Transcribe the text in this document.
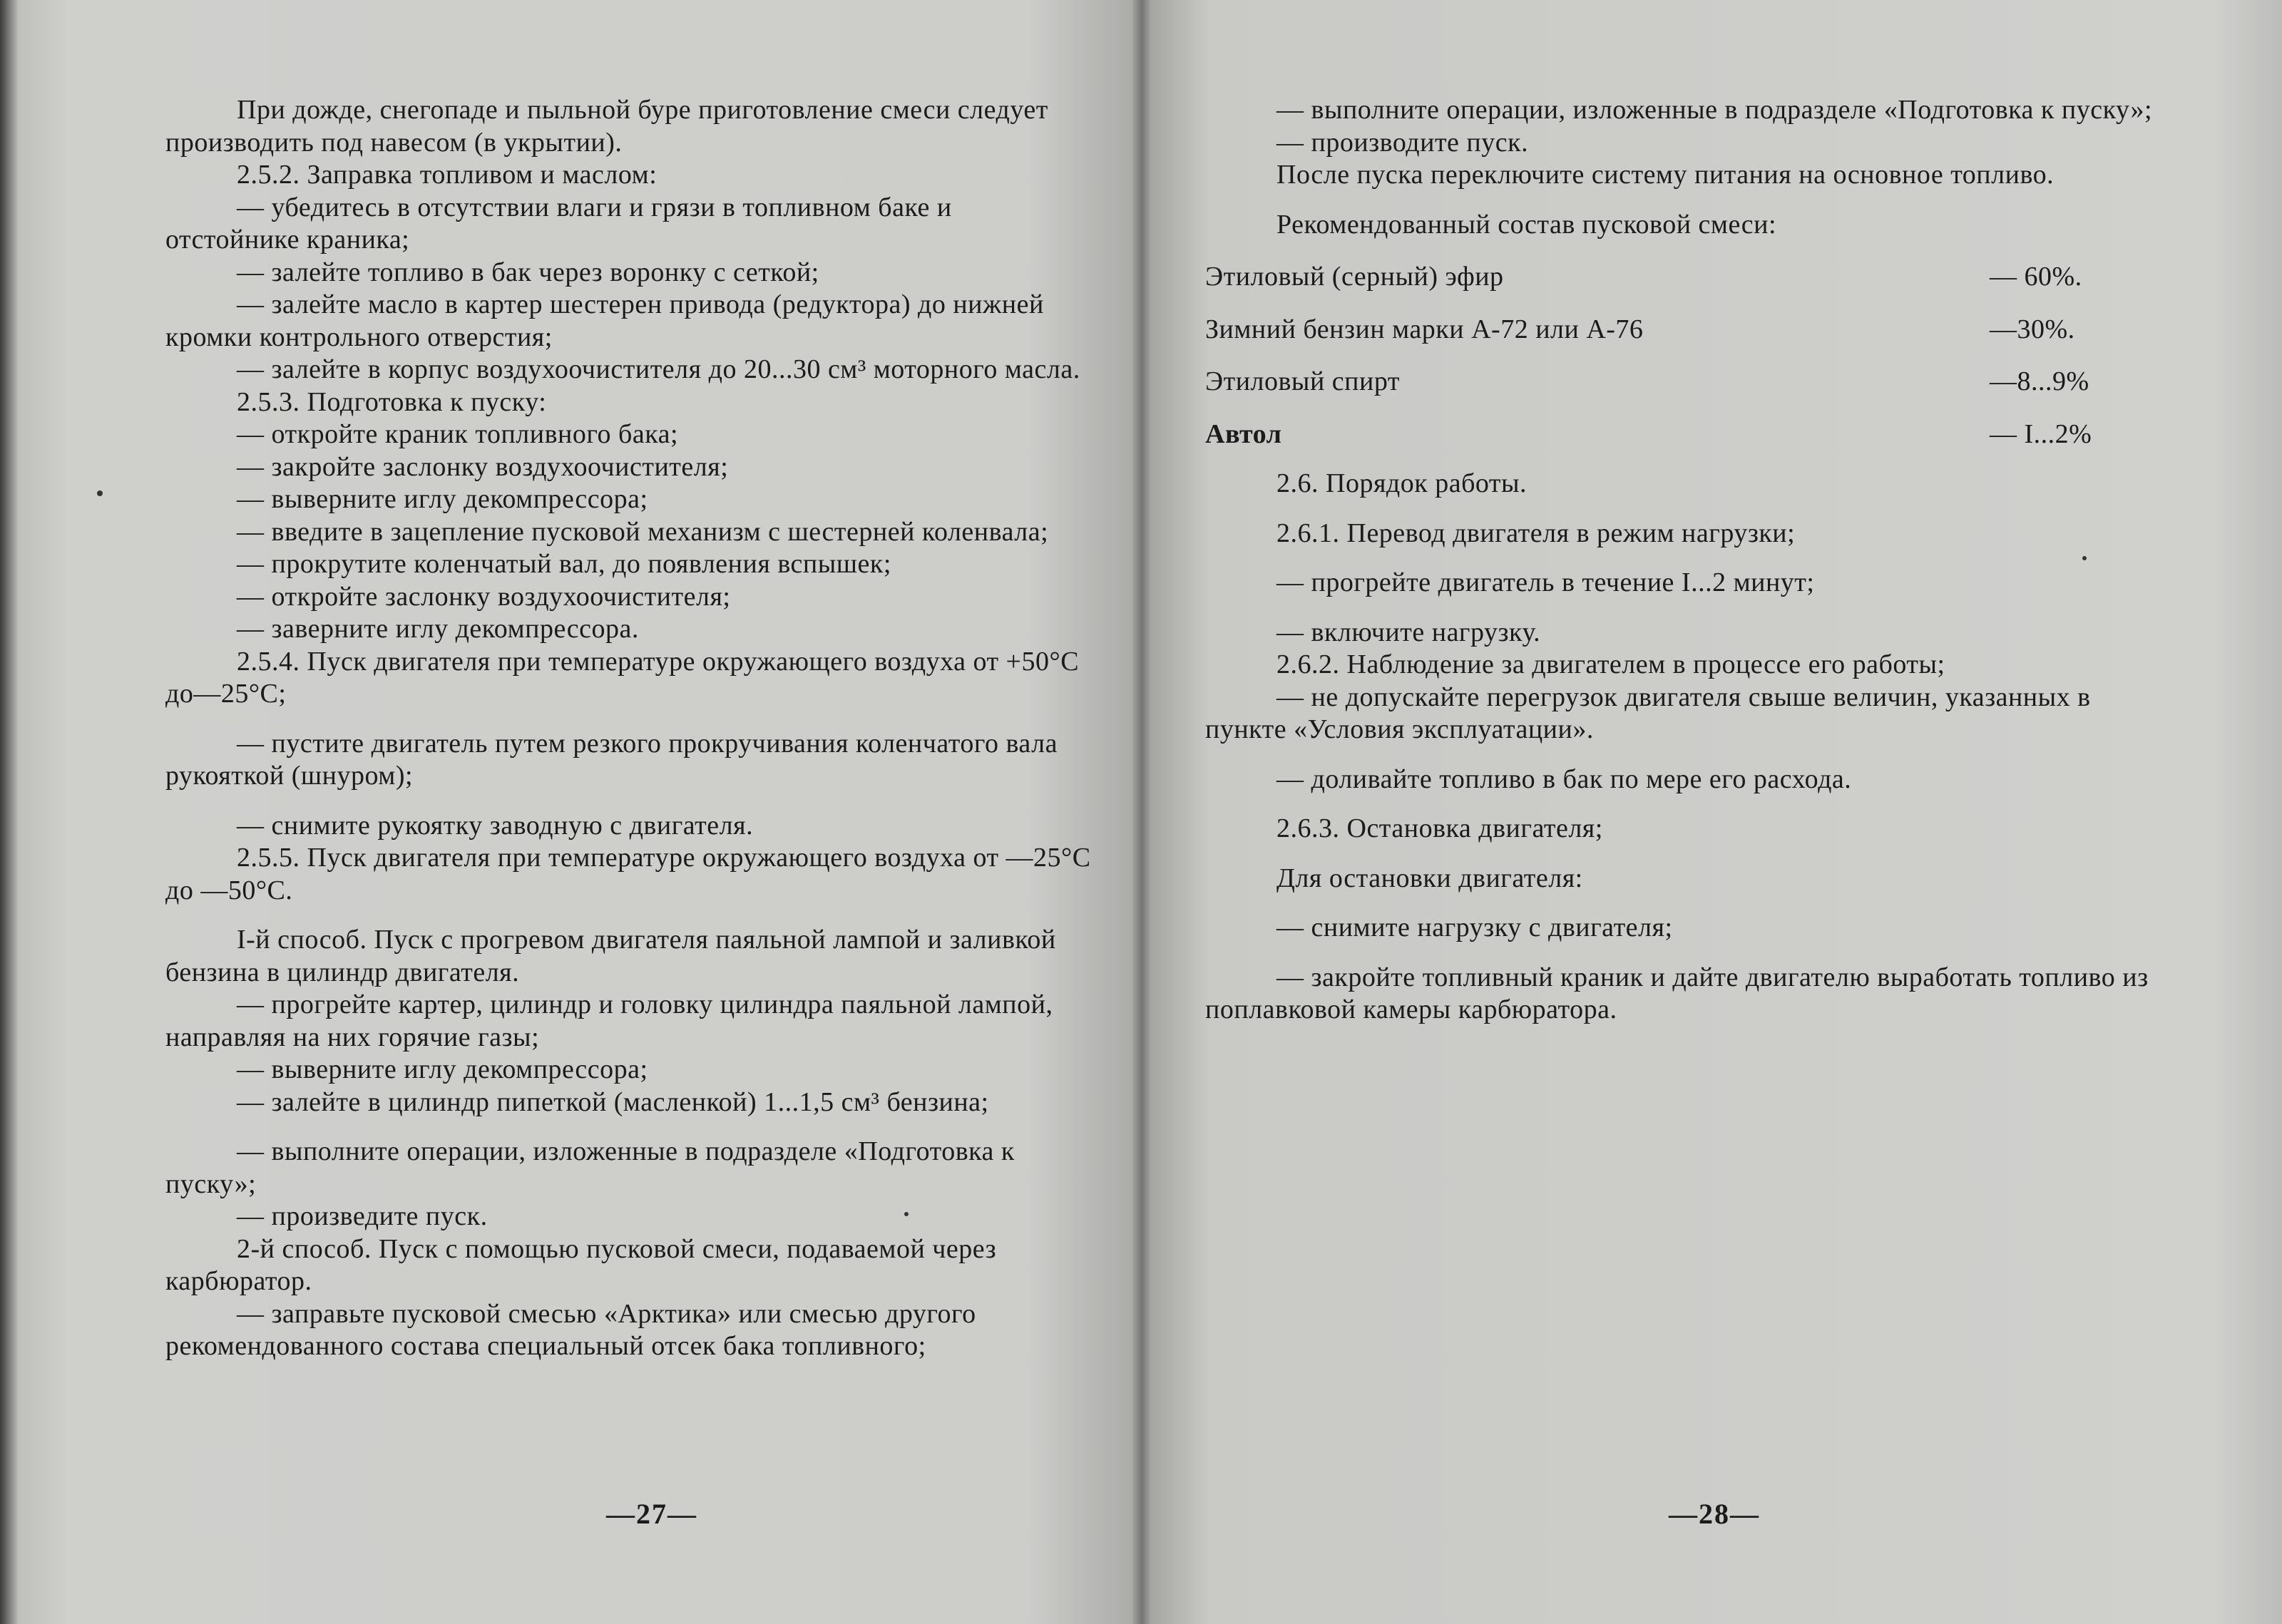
При дожде, снегопаде и пыльной буре приготовление смеси следует производить под навесом (в укрытии).

2.5.2. Заправка топливом и маслом:

— убедитесь в отсутствии влаги и грязи в топливном баке и отстойнике краника;

— залейте топливо в бак через воронку с сеткой;

— залейте масло в картер шестерен привода (редуктора) до нижней кромки контрольного отверстия;

— залейте в корпус воздухоочистителя до 20...30 см³ моторного масла.

2.5.3. Подготовка к пуску:

— откройте краник топливного бака;

— закройте заслонку воздухоочистителя;

— выверните иглу декомпрессора;

— введите в зацепление пусковой механизм с шестерней коленвала;

— прокрутите коленчатый вал, до появления вспышек;

— откройте заслонку воздухоочистителя;

— заверните иглу декомпрессора.

2.5.4. Пуск двигателя при температуре окружающего воздуха от +50°С до—25°С;

— пустите двигатель путем резкого прокручивания коленчатого вала рукояткой (шнуром);

— снимите рукоятку заводную с двигателя.

2.5.5. Пуск двигателя при температуре окружающего воздуха от —25°С до —50°С.

I-й способ. Пуск с прогревом двигателя паяльной лампой и заливкой бензина в цилиндр двигателя.

— прогрейте картер, цилиндр и головку цилиндра паяльной лампой, направляя на них горячие газы;

— выверните иглу декомпрессора;

— залейте в цилиндр пипеткой (масленкой) 1...1,5 см³ бензина;

— выполните операции, изложенные в подразделе «Подготовка к пуску»;

— произведите пуск.

2-й способ. Пуск с помощью пусковой смеси, подаваемой через карбюратор.

— заправьте пусковой смесью «Арктика» или смесью другого рекомендованного состава специальный отсек бака топливного;

—27—

— выполните операции, изложенные в подразделе «Подготовка к пуску»;

— производите пуск.

После пуска переключите систему питания на основное топливо.

Рекомендованный состав пусковой смеси:

Этиловый (серный) эфир	— 60%.
Зимний бензин марки А-72 или А-76	—30%.
Этиловый спирт	—8...9%
Автол	— I...2%

2.6. Порядок работы.

2.6.1. Перевод двигателя в режим нагрузки;

— прогрейте двигатель в течение I...2 минут;

— включите нагрузку.

2.6.2. Наблюдение за двигателем в процессе его работы;

— не допускайте перегрузок двигателя свыше величин, указанных в пункте «Условия эксплуатации».

— доливайте топливо в бак по мере его расхода.

2.6.3. Остановка двигателя;

Для остановки двигателя:

— снимите нагрузку с двигателя;

— закройте топливный краник и дайте двигателю выработать топливо из поплавковой камеры карбюратора.

—28—
